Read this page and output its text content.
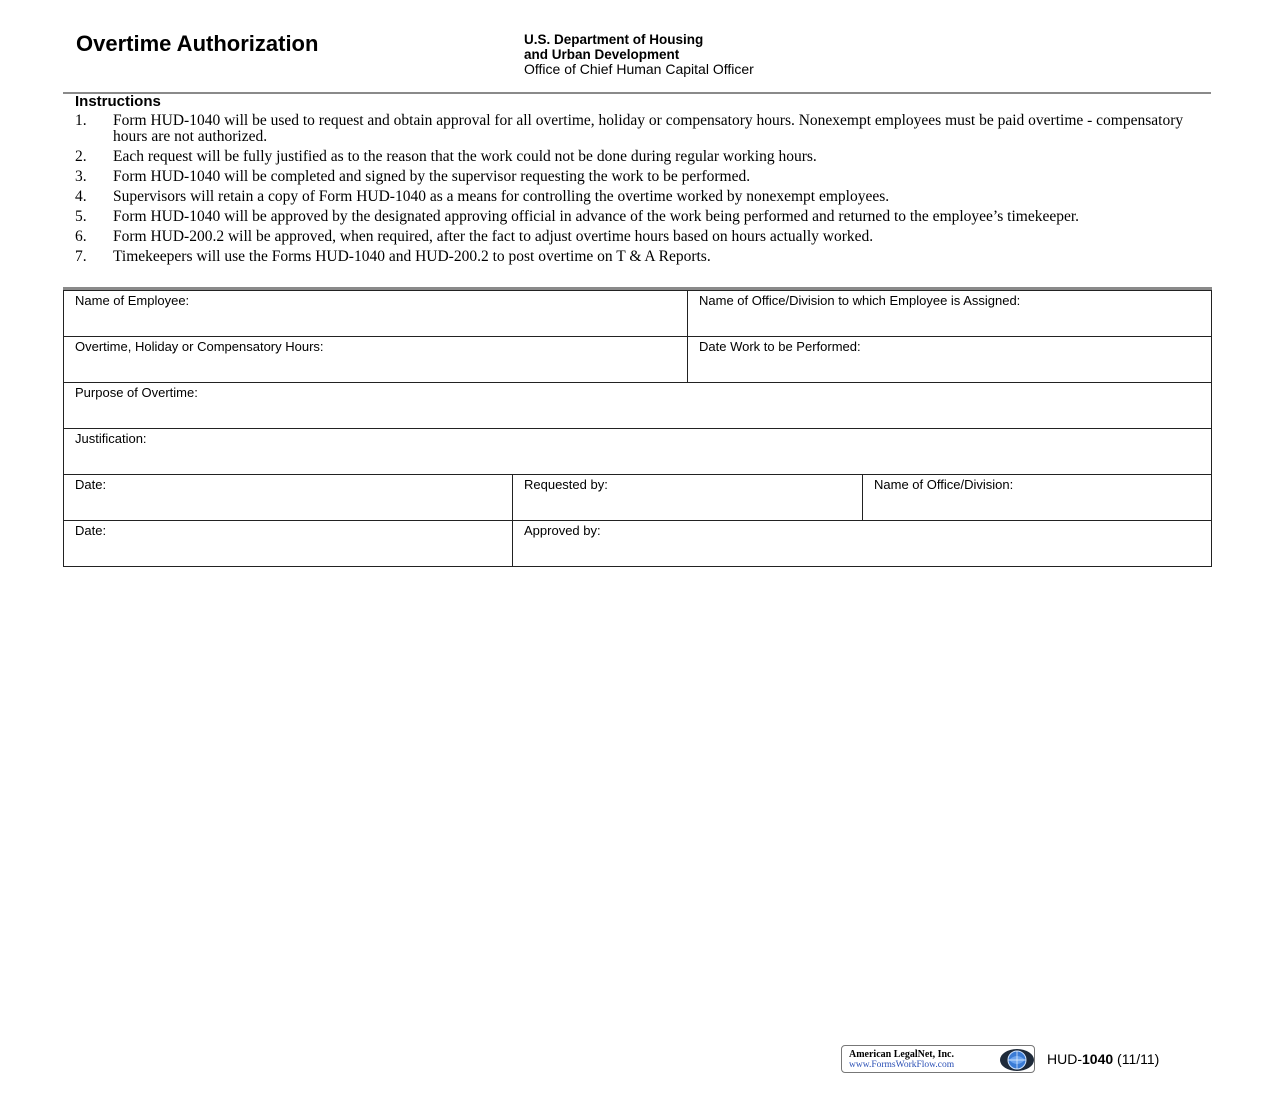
Overtime Authorization	U.S. Department of Housing
and Urban Development
Office of Chief Human Capital Officer
Instructions
1. Form HUD-1040 will be used to request and obtain approval for all overtime, holiday or compensatory hours. Nonexempt employees must be paid overtime - compensatory hours are not authorized.
2. Each request will be fully justified as to the reason that the work could not be done during regular working hours.
3. Form HUD-1040 will be completed and signed by the supervisor requesting the work to be performed.
4. Supervisors will retain a copy of Form HUD-1040 as a means for controlling the overtime worked by nonexempt employees.
5. Form HUD-1040 will be approved by the designated approving official in advance of the work being performed and returned to the employee’s timekeeper.
6. Form HUD-200.2 will be approved, when required, after the fact to adjust overtime hours based on hours actually worked.
7. Timekeepers will use the Forms HUD-1040 and HUD-200.2 to post overtime on T & A Reports.
Name of Employee:	Name of Office/Division to which Employee is Assigned:
Overtime, Holiday or Compensatory Hours:	Date Work to be Performed:
Purpose of Overtime:
Justification:
Date:	Requested by:	Name of Office/Division:
Date:	Approved by:
American LegalNet, Inc.
www.FormsWorkFlow.com	HUD-1040 (11/11)
